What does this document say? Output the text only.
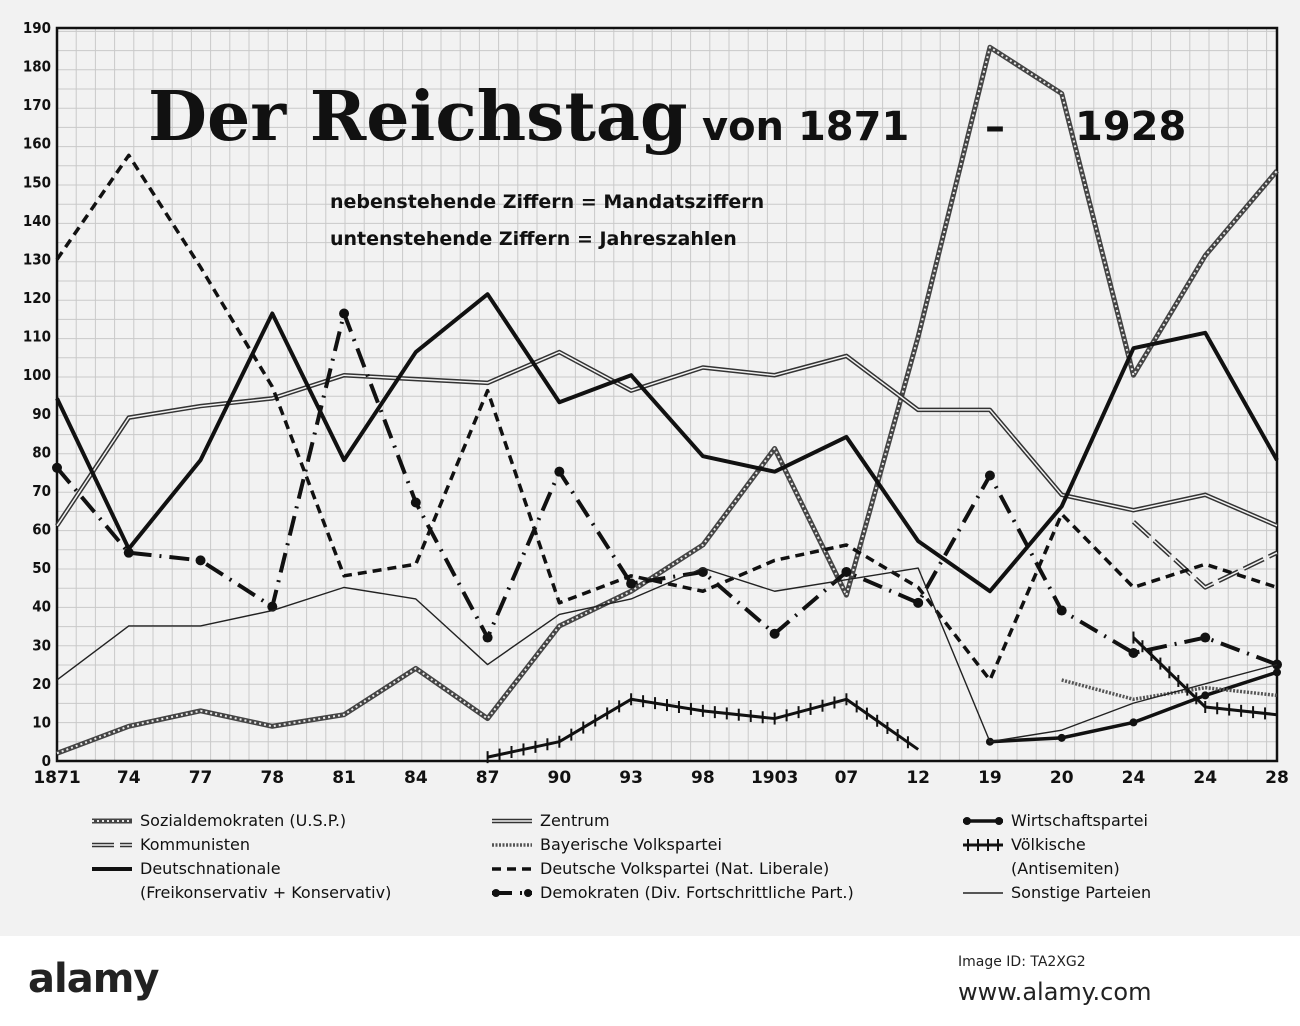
0
10
20
30
40
50
60
70
80
90
100
110
120
130
140
150
160
170
180
190
1871 74	77	78	81	84	87	90	93	98 1903 07	12	19	20	24	24	28
Der Reichstag von 1871 – 1928
nebenstehende Ziffern = Mandatsziffern
untenstehende Ziffern = Jahreszahlen
Sozialdemokraten (U.S.P.)
Kommunisten
Deutschnationale
(Freikonservativ + Konservativ)
Zentrum
Bayerische Volkspartei
Deutsche Volkspartei (Nat. Liberale)
Demokraten (Div. Fortschrittliche Part.)
Wirtschaftspartei
Völkische
(Antisemiten)
Sonstige Parteien
alamy	Image ID: TA2XG2
www.alamy.com
